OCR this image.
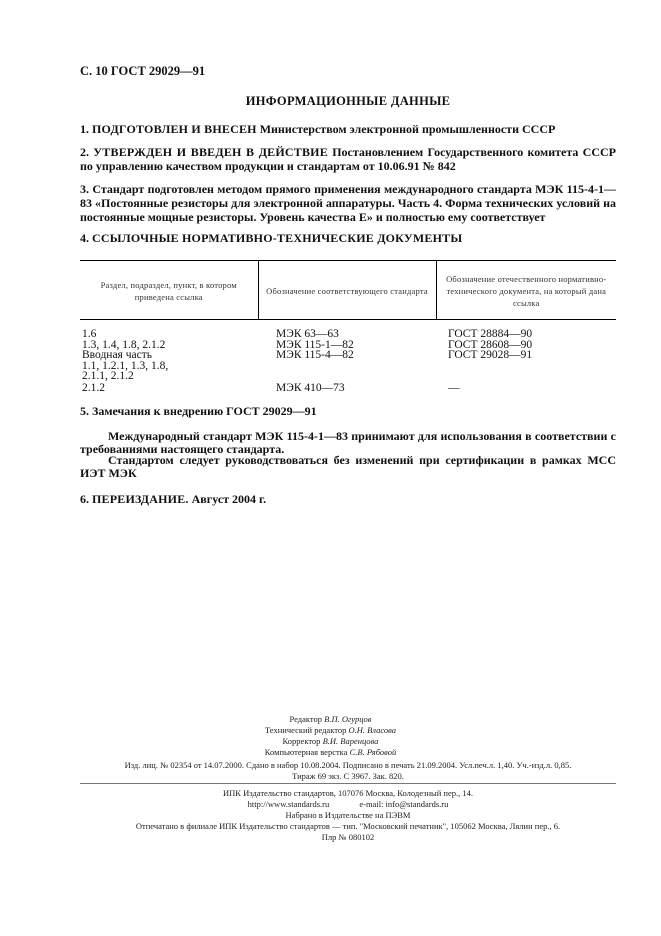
С. 10 ГОСТ 29029—91
ИНФОРМАЦИОННЫЕ ДАННЫЕ
1. ПОДГОТОВЛЕН И ВНЕСЕН Министерством электронной промышленности СССР
2. УТВЕРЖДЕН И ВВЕДЕН В ДЕЙСТВИЕ Постановлением Государственного комитета СССР по управлению качеством продукции и стандартам от 10.06.91 № 842
3. Стандарт подготовлен методом прямого применения международного стандарта МЭК 115-4-1—83 «Постоянные резисторы для электронной аппаратуры. Часть 4. Форма технических условий на постоянные мощные резисторы. Уровень качества Е» и полностью ему соответствует
4. ССЫЛОЧНЫЕ НОРМАТИВНО-ТЕХНИЧЕСКИЕ ДОКУМЕНТЫ
Раздел, подраздел, пункт, в котором приведена ссылка	Обозначение соответствующего стандарта	Обозначение отечественного нормативно-технического документа, на который дана ссылка
1.6	МЭК 63—63	ГОСТ 28884—90
1.3, 1.4, 1.8, 2.1.2	МЭК 115-1—82	ГОСТ 28608—90
Вводная часть	МЭК 115-4—82	ГОСТ 29028—91
1.1, 1.2.1, 1.3, 1.8,		
2.1.1, 2.1.2		
2.1.2	МЭК 410—73	—
5. Замечания к внедрению ГОСТ 29029—91
Международный стандарт МЭК 115-4-1—83 принимают для использования в соответствии с требованиями настоящего стандарта.
Стандартом следует руководствоваться без изменений при сертификации в рамках МСС ИЭТ МЭК
6. ПЕРЕИЗДАНИЕ. Август 2004 г.
Редактор В.П. Огурцов
Технический редактор О.Н. Власова
Корректор В.И. Варенцова
Компьютерная верстка С.В. Рябовой
Изд. лиц. № 02354 от 14.07.2000. Сдано в набор 10.08.2004. Подписано в печать 21.09.2004. Усл.печ.л. 1,40. Уч.-изд.л. 0,85.
Тираж 69 экз. С 3967. Зак. 820.
ИПК Издательство стандартов, 107076 Москва, Колодезный пер., 14.
http://www.standards.ru	e-mail: info@standards.ru
Набрано в Издательстве на ПЭВМ
Отпечатано в филиале ИПК Издательство стандартов — тип. "Московский печатник", 105062 Москва, Лялин пер., 6.
Плр № 080102
